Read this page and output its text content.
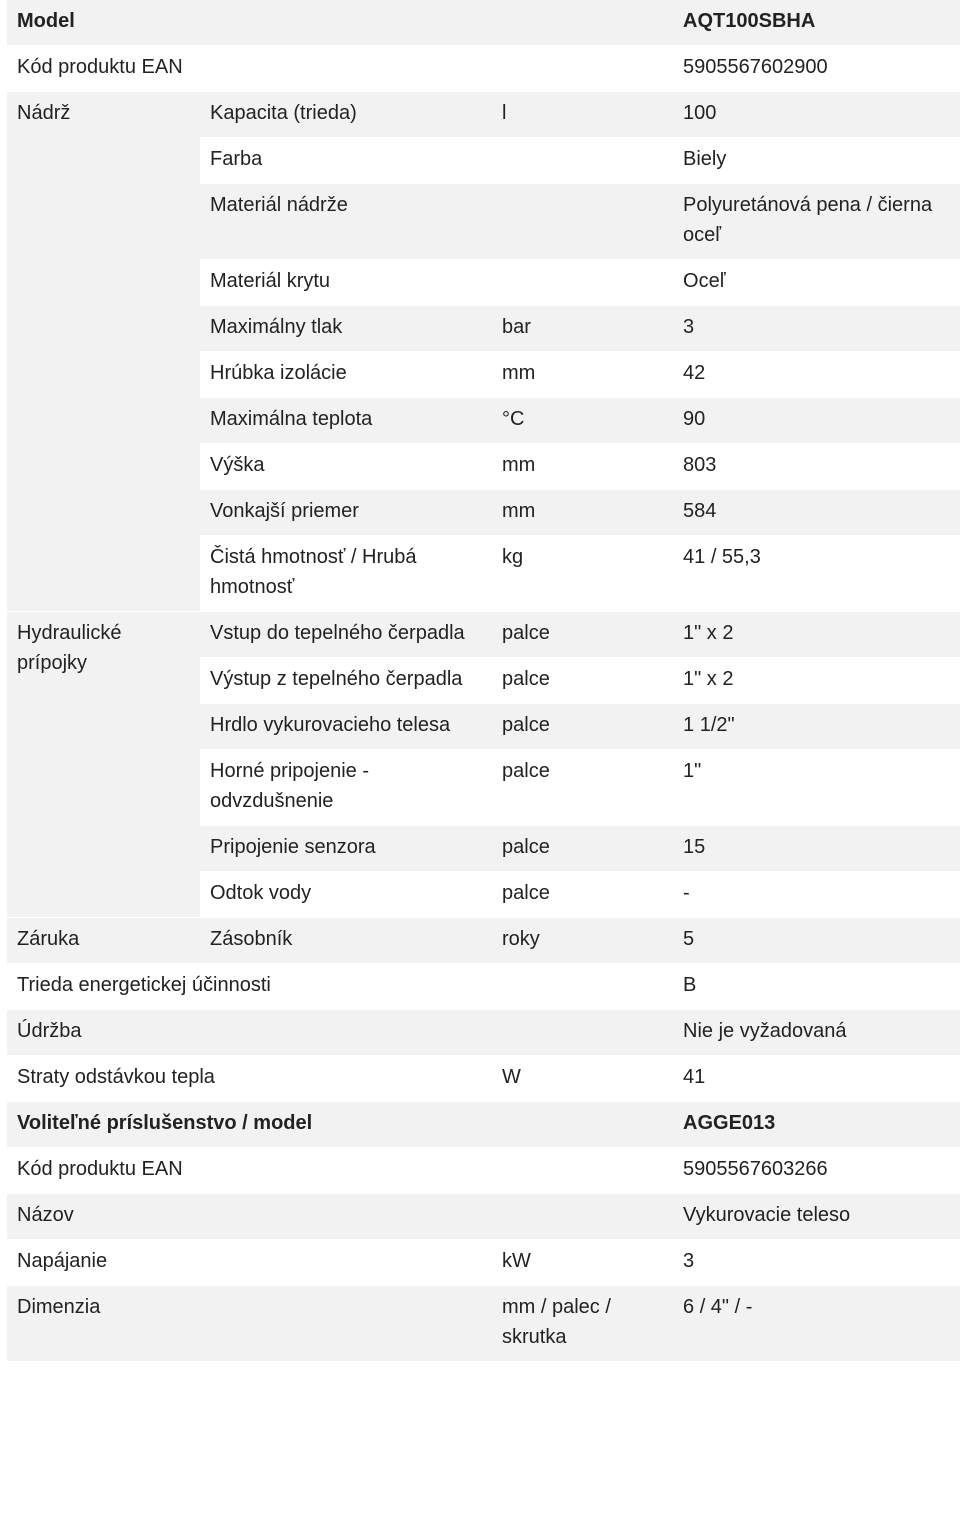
Model			AQT100SBHA
Kód produktu EAN			5905567602900
Nádrž	Kapacita (trieda)	l	100
	Farba		Biely
	Materiál nádrže		Polyuretánová pena / čierna oceľ
	Materiál krytu		Oceľ
	Maximálny tlak	bar	3
	Hrúbka izolácie	mm	42
	Maximálna teplota	°C	90
	Výška	mm	803
	Vonkajší priemer	mm	584
	Čistá hmotnosť / Hrubá hmotnosť	kg	41 / 55,3
Hydraulické prípojky	Vstup do tepelného čerpadla	palce	1" x 2
	Výstup z tepelného čerpadla	palce	1" x 2
	Hrdlo vykurovacieho telesa	palce	1 1/2"
	Horné pripojenie - odvzdušnenie	palce	1"
	Pripojenie senzora	palce	15
	Odtok vody	palce	-
Záruka	Zásobník	roky	5
Trieda energetickej účinnosti			B
Údržba			Nie je vyžadovaná
Straty odstávkou tepla		W	41
Voliteľné príslušenstvo / model			AGGE013
Kód produktu EAN			5905567603266
Názov			Vykurovacie teleso
Napájanie		kW	3
Dimenzia		mm / palec / skrutka	6 / 4" / -
